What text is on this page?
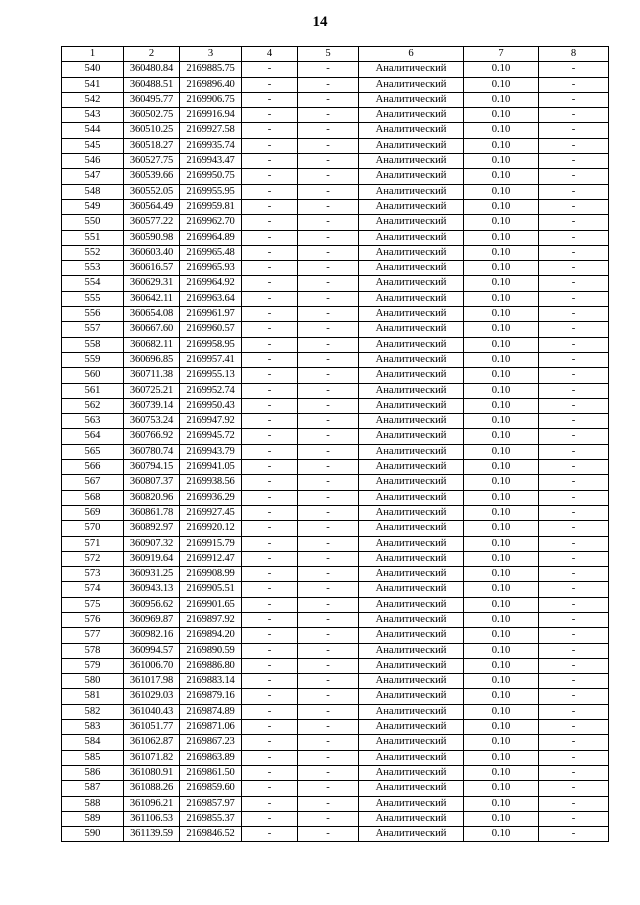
14
1	2	3	4	5	6	7	8
540	360480.84	2169885.75	-	-	Аналитический	0.10	-
541	360488.51	2169896.40	-	-	Аналитический	0.10	-
542	360495.77	2169906.75	-	-	Аналитический	0.10	-
543	360502.75	2169916.94	-	-	Аналитический	0.10	-
544	360510.25	2169927.58	-	-	Аналитический	0.10	-
545	360518.27	2169935.74	-	-	Аналитический	0.10	-
546	360527.75	2169943.47	-	-	Аналитический	0.10	-
547	360539.66	2169950.75	-	-	Аналитический	0.10	-
548	360552.05	2169955.95	-	-	Аналитический	0.10	-
549	360564.49	2169959.81	-	-	Аналитический	0.10	-
550	360577.22	2169962.70	-	-	Аналитический	0.10	-
551	360590.98	2169964.89	-	-	Аналитический	0.10	-
552	360603.40	2169965.48	-	-	Аналитический	0.10	-
553	360616.57	2169965.93	-	-	Аналитический	0.10	-
554	360629.31	2169964.92	-	-	Аналитический	0.10	-
555	360642.11	2169963.64	-	-	Аналитический	0.10	-
556	360654.08	2169961.97	-	-	Аналитический	0.10	-
557	360667.60	2169960.57	-	-	Аналитический	0.10	-
558	360682.11	2169958.95	-	-	Аналитический	0.10	-
559	360696.85	2169957.41	-	-	Аналитический	0.10	-
560	360711.38	2169955.13	-	-	Аналитический	0.10	-
561	360725.21	2169952.74	-	-	Аналитический	0.10	-
562	360739.14	2169950.43	-	-	Аналитический	0.10	-
563	360753.24	2169947.92	-	-	Аналитический	0.10	-
564	360766.92	2169945.72	-	-	Аналитический	0.10	-
565	360780.74	2169943.79	-	-	Аналитический	0.10	-
566	360794.15	2169941.05	-	-	Аналитический	0.10	-
567	360807.37	2169938.56	-	-	Аналитический	0.10	-
568	360820.96	2169936.29	-	-	Аналитический	0.10	-
569	360861.78	2169927.45	-	-	Аналитический	0.10	-
570	360892.97	2169920.12	-	-	Аналитический	0.10	-
571	360907.32	2169915.79	-	-	Аналитический	0.10	-
572	360919.64	2169912.47	-	-	Аналитический	0.10	-
573	360931.25	2169908.99	-	-	Аналитический	0.10	-
574	360943.13	2169905.51	-	-	Аналитический	0.10	-
575	360956.62	2169901.65	-	-	Аналитический	0.10	-
576	360969.87	2169897.92	-	-	Аналитический	0.10	-
577	360982.16	2169894.20	-	-	Аналитический	0.10	-
578	360994.57	2169890.59	-	-	Аналитический	0.10	-
579	361006.70	2169886.80	-	-	Аналитический	0.10	-
580	361017.98	2169883.14	-	-	Аналитический	0.10	-
581	361029.03	2169879.16	-	-	Аналитический	0.10	-
582	361040.43	2169874.89	-	-	Аналитический	0.10	-
583	361051.77	2169871.06	-	-	Аналитический	0.10	-
584	361062.87	2169867.23	-	-	Аналитический	0.10	-
585	361071.82	2169863.89	-	-	Аналитический	0.10	-
586	361080.91	2169861.50	-	-	Аналитический	0.10	-
587	361088.26	2169859.60	-	-	Аналитический	0.10	-
588	361096.21	2169857.97	-	-	Аналитический	0.10	-
589	361106.53	2169855.37	-	-	Аналитический	0.10	-
590	361139.59	2169846.52	-	-	Аналитический	0.10	-
